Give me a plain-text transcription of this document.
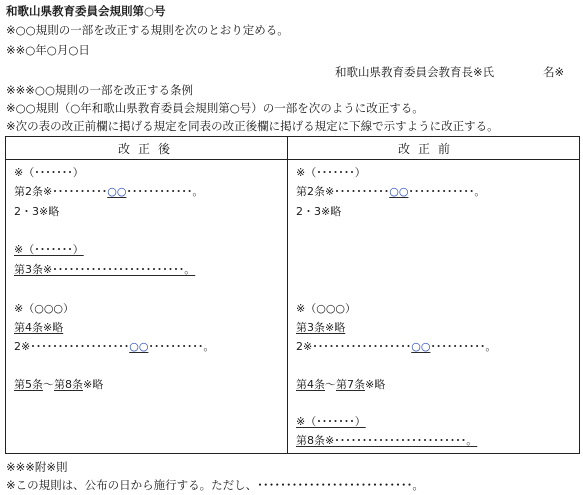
和歌山県教育委員会規則第○号
※○○規則の一部を改正する規則を次のとおり定める。
※※○年○月○日
和歌山県教育委員会教育長※氏	名※
※※※○○規則の一部を改正する条例
※○○規則（○年和歌山県教育委員会規則第○号）の一部を次のように改正する。
※次の表の改正前欄に掲げる規定を同表の改正後欄に掲げる規定に下線で示すように改正する。
改正後	改正前
※（･･･････）
第2条※･･････････○○････････････。
2・3※略
※（･･･････）
第3条※････････････････････････。
※（○○○）
第4条※略
2※･･････････････････○○･･････････。
第5条～第8条※略
※（･･･････）
第2条※･･････････○○････････････。
2・3※略
※（○○○）
第3条※略
2※･･････････････････○○･･････････。
第4条～第7条※略
※（･･･････）
第8条※････････････････････････。
※※※附※則
※この規則は、公布の日から施行する。ただし、･･･････････････････････････。
